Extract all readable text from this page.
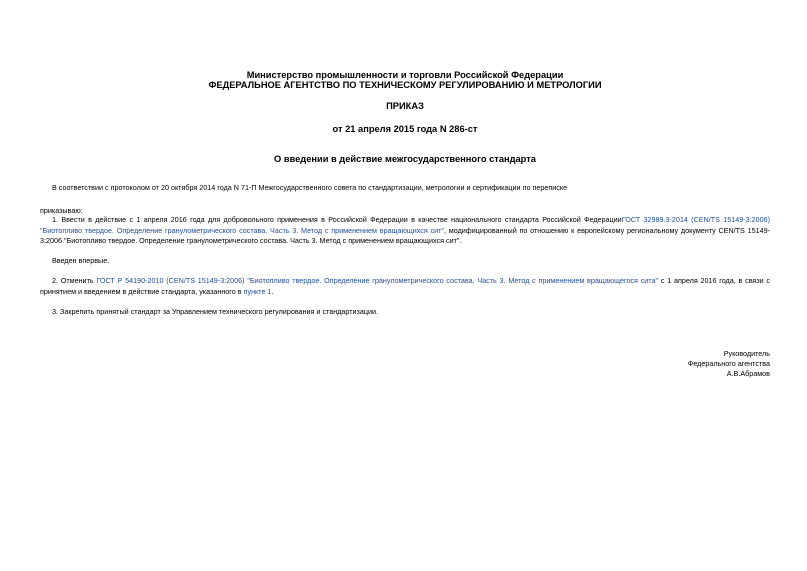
Министерство промышленности и торговли Российской Федерации
ФЕДЕРАЛЬНОЕ АГЕНТСТВО ПО ТЕХНИЧЕСКОМУ РЕГУЛИРОВАНИЮ И МЕТРОЛОГИИ
ПРИКАЗ
от 21 апреля 2015 года N 286-ст
О введении в действие межгосударственного стандарта
В соответствии с протоколом от 20 октября 2014 года N 71-П Межгосударственного совета по стандартизации, метрологии и сертификации по переписке
приказываю:
1. Ввести в действие с 1 апреля 2016 года для добровольного применения в Российской Федерации в качестве национального стандарта Российской ФедерацииГОСТ 32989.3-2014 (CEN/TS 15149-3:2006) "Биотопливо твердое. Определение гранулометрического состава. Часть 3. Метод с применением вращающихся сит", модифицированный по отношению к европейскому региональному документу CEN/TS 15149-3:2006 "Биотопливо твердое. Определение гранулометрического состава. Часть 3. Метод с применением вращающихся сит".
Введен впервые.
2. Отменить ГОСТ Р 54190-2010 (CEN/TS 15149-3:2006) "Биотопливо твердое. Определение гранулометрического состава. Часть 3. Метод с применением вращающегося сита" с 1 апреля 2016 года, в связи с принятием и введением в действие стандарта, указанного в пункте 1.
3. Закрепить принятый стандарт за Управлением технического регулирования и стандартизации.
Руководитель
Федерального агентства
А.В.Абрамов
